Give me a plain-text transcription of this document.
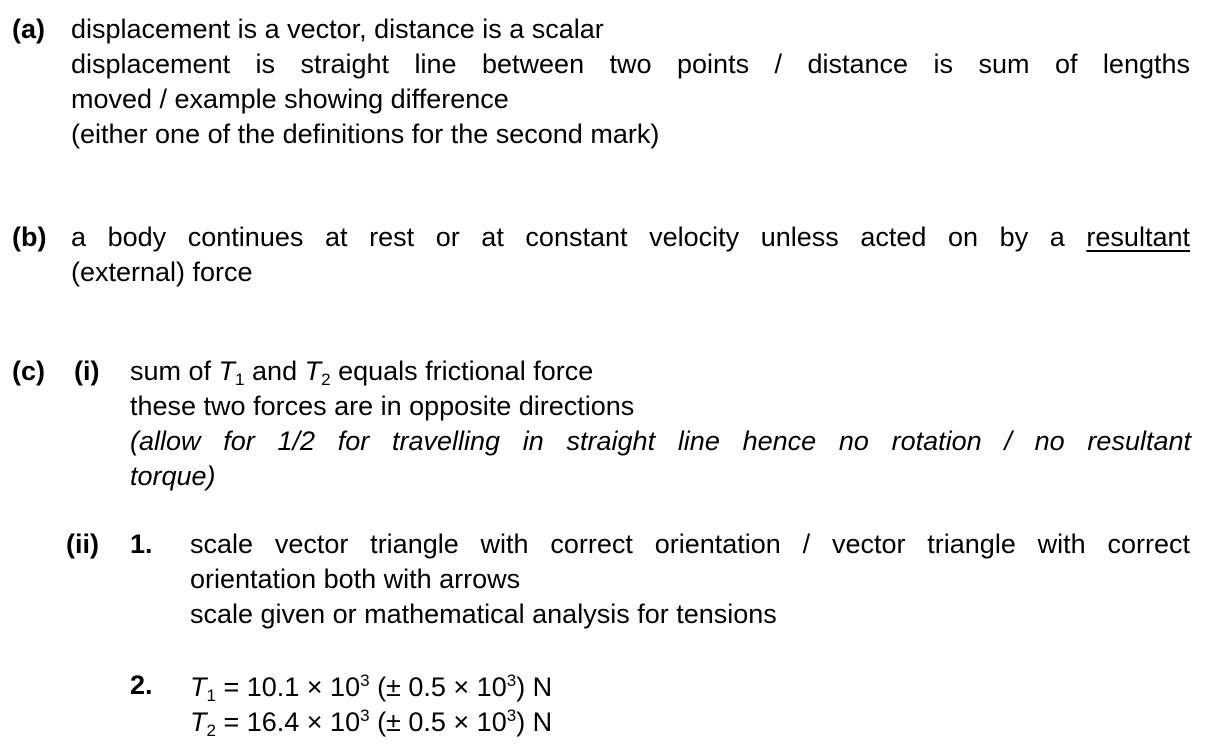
(a) displacement is a vector, distance is a scalar
displacement is straight line between two points / distance is sum of lengths
moved / example showing difference
(either one of the definitions for the second mark)
(b) a body continues at rest or at constant velocity unless acted on by a resultant
(external) force
(c) (i) sum of $T_1$ and $T_2$ equals frictional force
these two forces are in opposite directions
(allow for 1/2 for travelling in straight line hence no rotation / no resultant
torque)
(ii) 1. scale vector triangle with correct orientation / vector triangle with correct
orientation both with arrows
scale given or mathematical analysis for tensions
2. $T_1 = 10.1 \times 10^3$ (± $0.5 \times 10^3$) N
$T_2 = 16.4 \times 10^3$ (± $0.5 \times 10^3$) N
